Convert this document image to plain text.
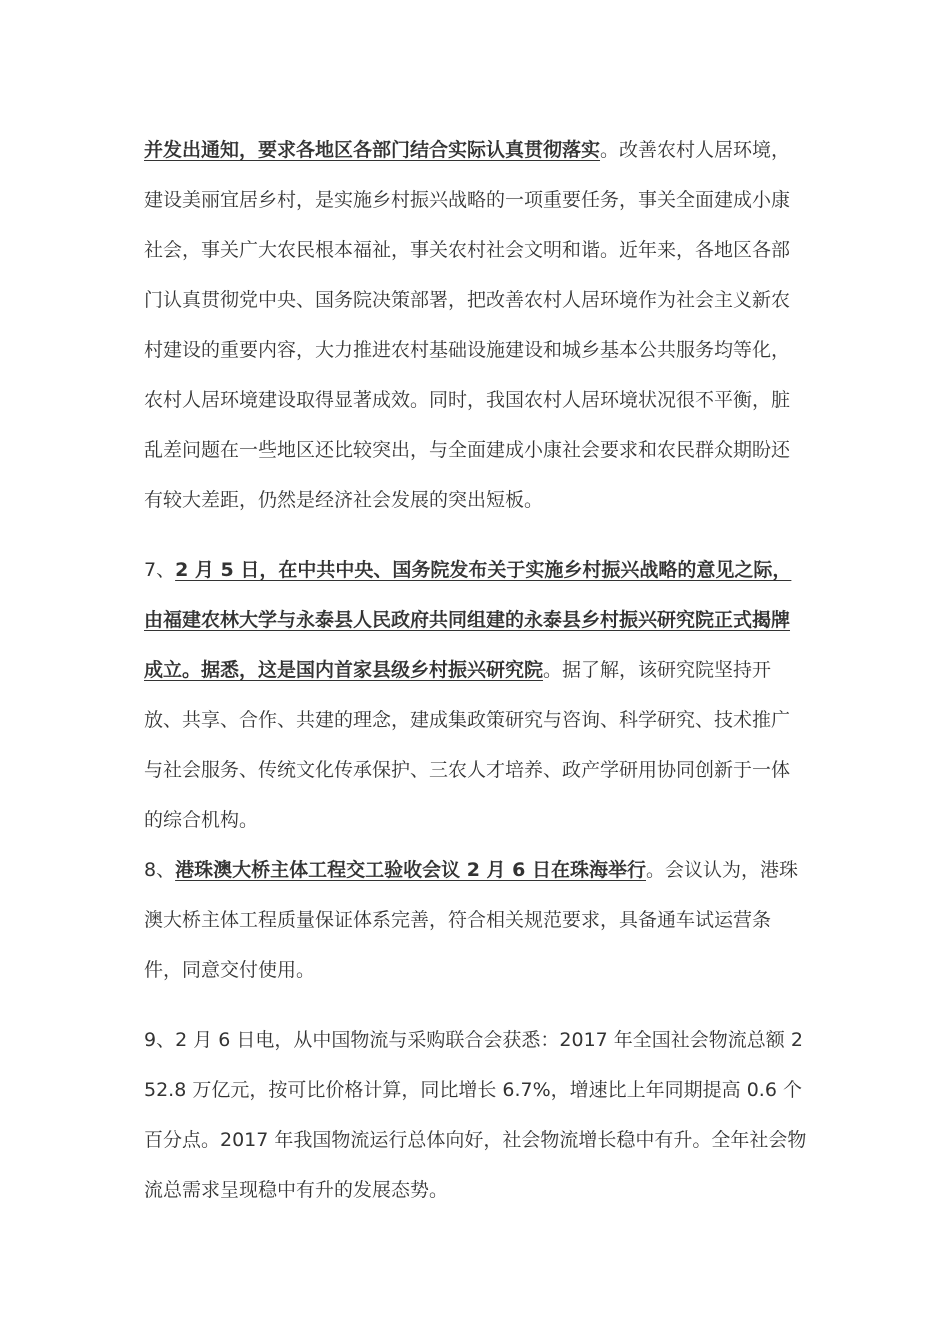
并发出通知，要求各地区各部门结合实际认真贯彻落实。改善农村人居环境，建设美丽宜居乡村，是实施乡村振兴战略的一项重要任务，事关全面建成小康社会，事关广大农民根本福祉，事关农村社会文明和谐。近年来，各地区各部门认真贯彻党中央、国务院决策部署，把改善农村人居环境作为社会主义新农村建设的重要内容，大力推进农村基础设施建设和城乡基本公共服务均等化，农村人居环境建设取得显著成效。同时，我国农村人居环境状况很不平衡，脏乱差问题在一些地区还比较突出，与全面建成小康社会要求和农民群众期盼还有较大差距，仍然是经济社会发展的突出短板。

7、2 月 5 日，在中共中央、国务院发布关于实施乡村振兴战略的意见之际，由福建农林大学与永泰县人民政府共同组建的永泰县乡村振兴研究院正式揭牌成立。据悉，这是国内首家县级乡村振兴研究院。据了解，该研究院坚持开放、共享、合作、共建的理念，建成集政策研究与咨询、科学研究、技术推广与社会服务、传统文化传承保护、三农人才培养、政产学研用协同创新于一体的综合机构。

8、港珠澳大桥主体工程交工验收会议 2 月 6 日在珠海举行。会议认为，港珠澳大桥主体工程质量保证体系完善，符合相关规范要求，具备通车试运营条件，同意交付使用。

9、2 月 6 日电，从中国物流与采购联合会获悉：2017 年全国社会物流总额 252.8 万亿元，按可比价格计算，同比增长 6.7%，增速比上年同期提高 0.6 个百分点。2017 年我国物流运行总体向好，社会物流增长稳中有升。全年社会物流总需求呈现稳中有升的发展态势。
